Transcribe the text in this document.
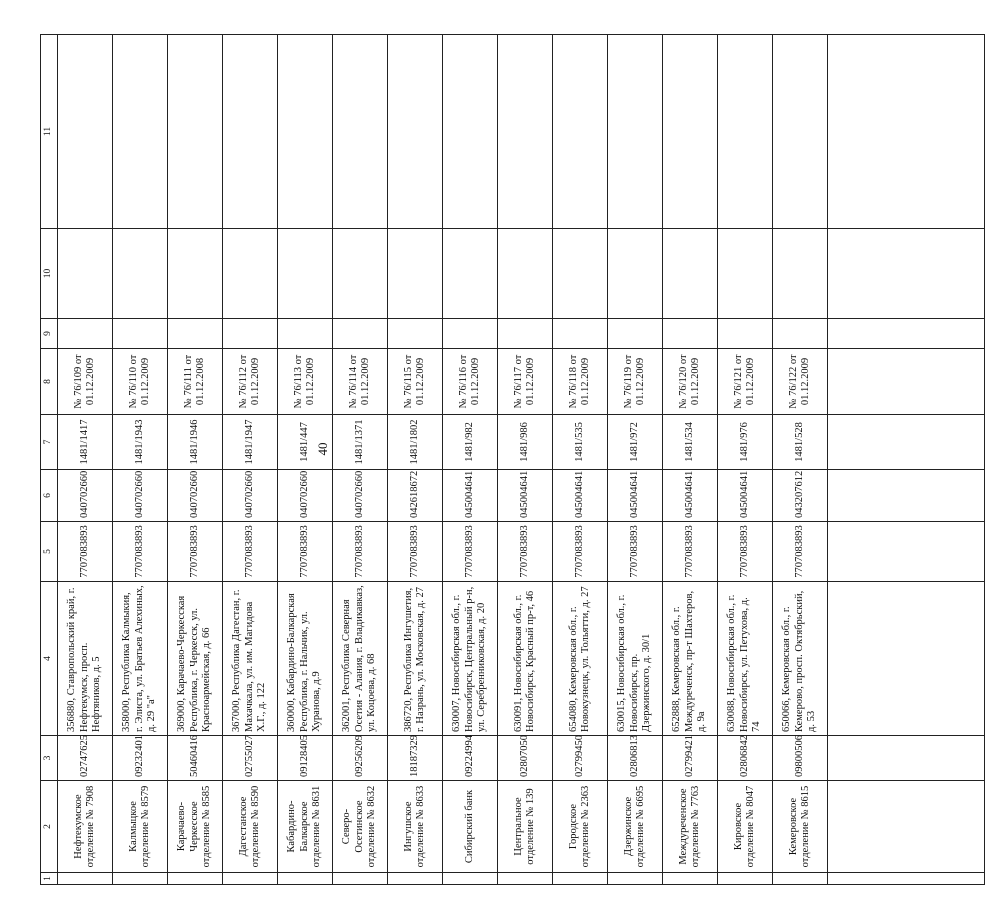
40
1	2	3	4	5	6	7	8	9	10	11
	Нефтекумское отделение № 7908	02747625	356880, Ставропольский край, г. Нефтекумск, просп. Нефтяников, д. 5	7707083893	040702660	1481/1417	№ 76/109 от 01.12.2009			
	Калмыцкое отделение № 8579	09232401	358000, Республика Калмыкия, г. Элиста, ул. Братьев Алехиных, д. 29 "а"	7707083893	040702660	1481/1943	№ 76/110 от 01.12.2009			
	Карачаево-Черкесское отделение № 8585	50460416	369000, Карачаево-Черкесская Республика, г. Черкесск, ул. Красноармейская, д. 66	7707083893	040702660	1481/1946	№ 76/111 от 01.12.2008			
	Дагестанское отделение № 8590	02755027	367000, Республика Дагестан, г. Махачкала, ул. им. Магидова Х.Г., д. 122	7707083893	040702660	1481/1947	№ 76/112 от 01.12.2009			
	Кабардино-Балкарское отделение № 8631	09128405	360000, Кабардино-Балкарская Республика, г. Нальчик, ул. Хуранова, д.9	7707083893	040702660	1481/447	№ 76/113 от 01.12.2009			
	Северо-Осетинское отделение № 8632	09256209	362001, Республика Северная Осетия - Алания, г. Владикавказ, ул. Коцоева, д. 68	7707083893	040702660	1481/1371	№ 76/114 от 01.12.2009			
	Ингушское отделение № 8633	18187329	386720, Республика Ингушетия, г. Назрань, ул. Московская, д. 27	7707083893	042618672	1481/1802	№ 76/115 от 01.12.2009			
	Сибирский банк	09224994	630007, Новосибирская обл., г. Новосибирск, Центральный р-н, ул. Серебренниковская, д. 20	7707083893	045004641	1481/982	№ 76/116 от 01.12.2009			
	Центральное отделение № 139	02807050	630091, Новосибирская обл., г. Новосибирск, Красный пр-т, 46	7707083893	045004641	1481/986	№ 76/117 от 01.12.2009			
	Городское отделение № 2363	02799450	654080, Кемеровская обл., г. Новокузнецк, ул. Тольятти, д. 27	7707083893	045004641	1481/535	№ 76/118 от 01.12.2009			
	Дзержинское отделение № 6695	02806813	630015, Новосибирская обл., г. Новосибирск, пр. Дзержинского, д. 30/1	7707083893	045004641	1481/972	№ 76/119 от 01.12.2009			
	Междуреченское отделение № 7763	02799421	652888, Кемеровская обл., г. Междуреченск, пр-т Шахтеров, д. 9а	7707083893	045004641	1481/534	№ 76/120 от 01.12.2009			
	Кировское отделение № 8047	02806842	630088, Новосибирская обл., г. Новосибирск, ул. Петухова, д. 74	7707083893	045004641	1481/976	№ 76/121 от 01.12.2009			
	Кемеровское отделение № 8615	09800506	650066, Кемеровская обл., г. Кемерово, просп. Октябрьский, д. 53	7707083893	043207612	1481/528	№ 76/122 от 01.12.2009			
